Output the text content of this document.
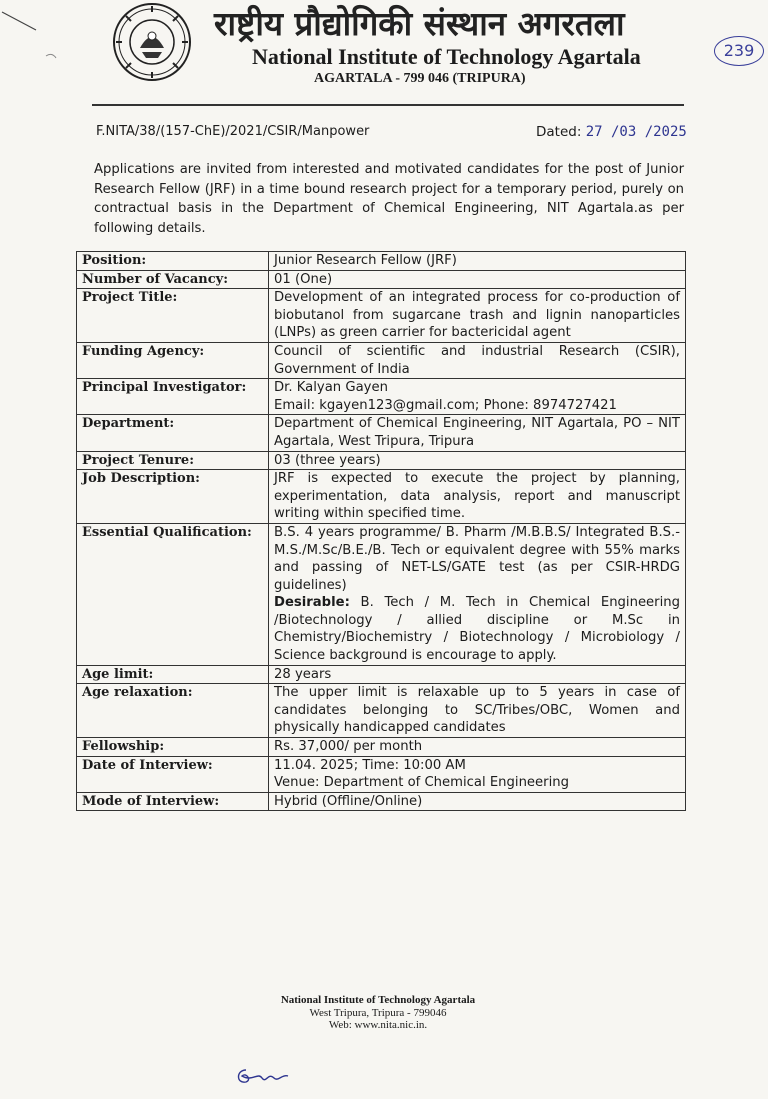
राष्ट्रीय प्रौद्योगिकी संस्थान अगरतला
National Institute of Technology Agartala
AGARTALA - 799 046 (TRIPURA)
239
F.NITA/38/(157-ChE)/2021/CSIR/Manpower	Dated: 27 /03 /2025
Applications are invited from interested and motivated candidates for the post of Junior Research Fellow (JRF) in a time bound research project for a temporary period, purely on contractual basis in the Department of Chemical Engineering, NIT Agartala.as per following details.
Position:	Junior Research Fellow (JRF)
Number of Vacancy:	01 (One)
Project Title:	Development of an integrated process for co-production of biobutanol from sugarcane trash and lignin nanoparticles (LNPs) as green carrier for bactericidal agent
Funding Agency:	Council of scientific and industrial Research (CSIR), Government of India
Principal Investigator:	Dr. Kalyan Gayen
Email: kgayen123@gmail.com; Phone: 8974727421

Department:	Department of Chemical Engineering, NIT Agartala, PO – NIT Agartala, West Tripura, Tripura
Project Tenure:	03 (three years)
Job Description:	JRF is expected to execute the project by planning, experimentation, data analysis, report and manuscript writing within specified time.
Essential Qualification:	B.S. 4 years programme/ B. Pharm /M.B.B.S/ Integrated B.S.-M.S./M.Sc/B.E./B. Tech or equivalent degree with 55% marks and passing of NET-LS/GATE test (as per CSIR-HRDG guidelines)
Desirable: B. Tech / M. Tech in Chemical Engineering /Biotechnology / allied discipline or M.Sc in Chemistry/Biochemistry / Biotechnology / Microbiology / Science background is encourage to apply.

Age limit:	28 years
Age relaxation:	The upper limit is relaxable up to 5 years in case of candidates belonging to SC/Tribes/OBC, Women and physically handicapped candidates
Fellowship:	Rs. 37,000/ per month
Date of Interview:	11.04. 2025; Time: 10:00 AM
Venue: Department of Chemical Engineering

Mode of Interview:	Hybrid (Offline/Online)
National Institute of Technology Agartala
West Tripura, Tripura - 799046
Web: www.nita.nic.in.
